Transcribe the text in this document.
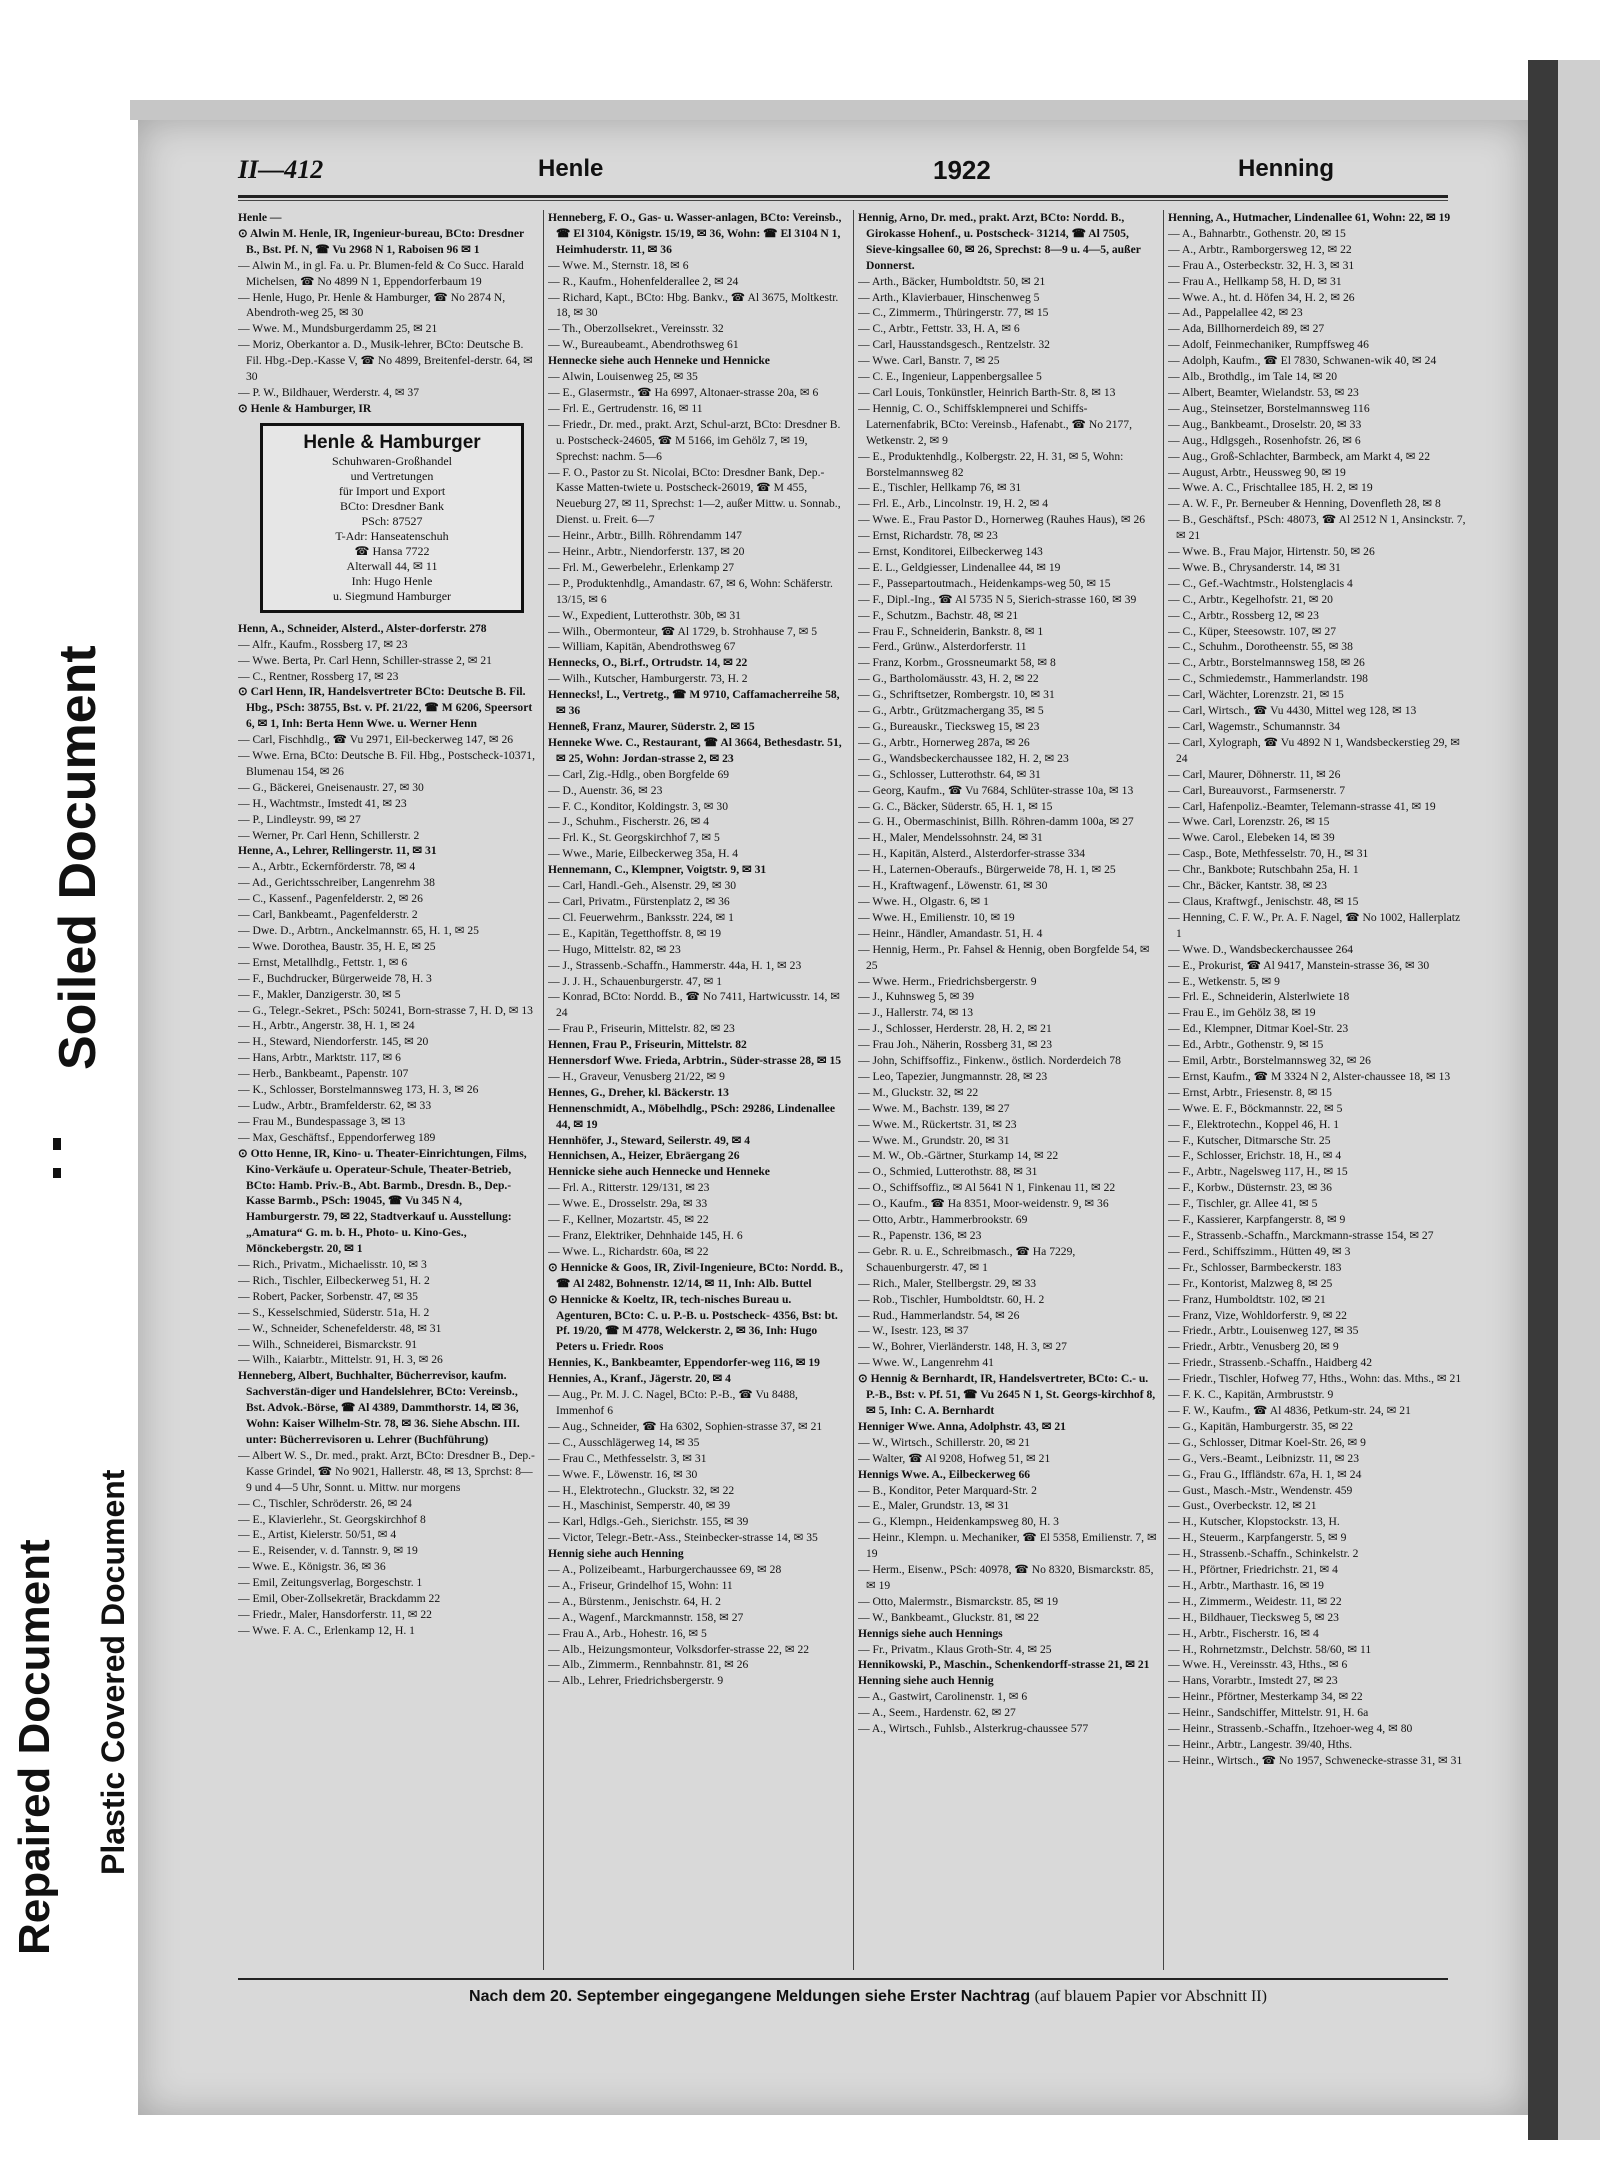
Soiled Document
Repaired Document Plastic Covered Document
II—412	Henle	1922	Henning

Henle —

⊙ Alwin M. Henle, IR, Ingenieur-bureau, BCto: Dresdner B., Bst. Pf. N, ☎ Vu 2968 N 1, Raboisen 96 ✉ 1

— Alwin M., in gl. Fa. u. Pr. Blumen-feld & Co Succ. Harald Michelsen, ☎ No 4899 N 1, Eppendorferbaum 19

— Henle, Hugo, Pr. Henle & Hamburger, ☎ No 2874 N, Abendroth-weg 25, ✉ 30

— Wwe. M., Mundsburgerdamm 25, ✉ 21

— Moriz, Oberkantor a. D., Musik-lehrer, BCto: Deutsche B. Fil. Hbg.-Dep.-Kasse V, ☎ No 4899, Breitenfel-derstr. 64, ✉ 30

— P. W., Bildhauer, Werderstr. 4, ✉ 37

⊙ Henle & Hamburger, IR

Henle & Hamburger
Schuhwaren-Großhandel
und Vertretungen
für Import und Export
BCto: Dresdner Bank
PSch: 87527
T-Adr: Hanseatenschuh
☎ Hansa 7722
Alterwall 44, ✉ 11
Inh: Hugo Henle
u. Siegmund Hamburger

Henn, A., Schneider, Alsterd., Alster-dorferstr. 278

— Alfr., Kaufm., Rossberg 17, ✉ 23

— Wwe. Berta, Pr. Carl Henn, Schiller-strasse 2, ✉ 21

— C., Rentner, Rossberg 17, ✉ 23

⊙ Carl Henn, IR, Handelsvertreter BCto: Deutsche B. Fil. Hbg., PSch: 38755, Bst. v. Pf. 21/22, ☎ M 6206, Speersort 6, ✉ 1, Inh: Berta Henn Wwe. u. Werner Henn

— Carl, Fischhdlg., ☎ Vu 2971, Eil-beckerweg 147, ✉ 26

— Wwe. Erna, BCto: Deutsche B. Fil. Hbg., Postscheck-10371, Blumenau 154, ✉ 26

— G., Bäckerei, Gneisenaustr. 27, ✉ 30

— H., Wachtmstr., Imstedt 41, ✉ 23

— P., Lindleystr. 99, ✉ 27

— Werner, Pr. Carl Henn, Schillerstr. 2

Henne, A., Lehrer, Rellingerstr. 11, ✉ 31

— A., Arbtr., Eckernförderstr. 78, ✉ 4

— Ad., Gerichtsschreiber, Langenrehm 38

— C., Kassenf., Pagenfelderstr. 2, ✉ 26

— Carl, Bankbeamt., Pagenfelderstr. 2

— Dwe. D., Arbtrn., Anckelmannstr. 65, H. 1, ✉ 25

— Wwe. Dorothea, Baustr. 35, H. E, ✉ 25

— Ernst, Metallhdlg., Fettstr. 1, ✉ 6

— F., Buchdrucker, Bürgerweide 78, H. 3

— F., Makler, Danzigerstr. 30, ✉ 5

— G., Telegr.-Sekret., PSch: 50241, Born-strasse 7, H. D, ✉ 13

— H., Arbtr., Angerstr. 38, H. 1, ✉ 24

— H., Steward, Niendorferstr. 145, ✉ 20

— Hans, Arbtr., Marktstr. 117, ✉ 6

— Herb., Bankbeamt., Papenstr. 107

— K., Schlosser, Borstelmannsweg 173, H. 3, ✉ 26

— Ludw., Arbtr., Bramfelderstr. 62, ✉ 33

— Frau M., Bundespassage 3, ✉ 13

— Max, Geschäftsf., Eppendorferweg 189

⊙ Otto Henne, IR, Kino- u. Theater-Einrichtungen, Films, Kino-Verkäufe u. Operateur-Schule, Theater-Betrieb, BCto: Hamb. Priv.-B., Abt. Barmb., Dresdn. B., Dep.-Kasse Barmb., PSch: 19045, ☎ Vu 345 N 4, Hamburgerstr. 79, ✉ 22, Stadtverkauf u. Ausstellung: „Amatura“ G. m. b. H., Photo- u. Kino-Ges., Mönckebergstr. 20, ✉ 1

— Rich., Privatm., Michaelisstr. 10, ✉ 3

— Rich., Tischler, Eilbeckerweg 51, H. 2

— Robert, Packer, Sorbenstr. 47, ✉ 35

— S., Kesselschmied, Süderstr. 51a, H. 2

— W., Schneider, Schenefelderstr. 48, ✉ 31

— Wilh., Schneiderei, Bismarckstr. 91

— Wilh., Kaiarbtr., Mittelstr. 91, H. 3, ✉ 26

Henneberg, Albert, Buchhalter, Bücherrevisor, kaufm. Sachverstän-diger und Handelslehrer, BCto: Vereinsb., Bst. Advok.-Börse, ☎ Al 4389, Dammthorstr. 14, ✉ 36, Wohn: Kaiser Wilhelm-Str. 78, ✉ 36. Siehe Abschn. III. unter: Bücherrevisoren u. Lehrer (Buchführung)

— Albert W. S., Dr. med., prakt. Arzt, BCto: Dresdner B., Dep.-Kasse Grindel, ☎ No 9021, Hallerstr. 48, ✉ 13, Sprchst: 8—9 und 4—5 Uhr, Sonnt. u. Mittw. nur morgens

— C., Tischler, Schröderstr. 26, ✉ 24

— E., Klavierlehr., St. Georgskirchhof 8

— E., Artist, Kielerstr. 50/51, ✉ 4

— E., Reisender, v. d. Tannstr. 9, ✉ 19

— Wwe. E., Königstr. 36, ✉ 36

— Emil, Zeitungsverlag, Borgeschstr. 1

— Emil, Ober-Zollsekretär, Brackdamm 22

— Friedr., Maler, Hansdorferstr. 11, ✉ 22

— Wwe. F. A. C., Erlenkamp 12, H. 1

Henneberg, F. O., Gas- u. Wasser-anlagen, BCto: Vereinsb., ☎ El 3104, Königstr. 15/19, ✉ 36, Wohn: ☎ El 3104 N 1, Heimhuderstr. 11, ✉ 36

— Wwe. M., Sternstr. 18, ✉ 6

— R., Kaufm., Hohenfelderallee 2, ✉ 24

— Richard, Kapt., BCto: Hbg. Bankv., ☎ Al 3675, Moltkestr. 18, ✉ 30

— Th., Oberzollsekret., Vereinsstr. 32

— W., Bureaubeamt., Abendrothsweg 61

Hennecke siehe auch Henneke und Hennicke

— Alwin, Louisenweg 25, ✉ 35

— E., Glasermstr., ☎ Ha 6997, Altonaer-strasse 20a, ✉ 6

— Frl. E., Gertrudenstr. 16, ✉ 11

— Friedr., Dr. med., prakt. Arzt, Schul-arzt, BCto: Dresdner B. u. Postscheck-24605, ☎ M 5166, im Gehölz 7, ✉ 19, Sprechst: nachm. 5—6

— F. O., Pastor zu St. Nicolai, BCto: Dresdner Bank, Dep.-Kasse Matten-twiete u. Postscheck-26019, ☎ M 455, Neueburg 27, ✉ 11, Sprechst: 1—2, außer Mittw. u. Sonnab., Dienst. u. Freit. 6—7

— Heinr., Arbtr., Billh. Röhrendamm 147

— Heinr., Arbtr., Niendorferstr. 137, ✉ 20

— Frl. M., Gewerbelehr., Erlenkamp 27

— P., Produktenhdlg., Amandastr. 67, ✉ 6, Wohn: Schäferstr. 13/15, ✉ 6

— W., Expedient, Lutterothstr. 30b, ✉ 31

— Wilh., Obermonteur, ☎ Al 1729, b. Strohhause 7, ✉ 5

— William, Kapitän, Abendrothsweg 67

Hennecks, O., Bi.rf., Ortrudstr. 14, ✉ 22

— Wilh., Kutscher, Hamburgerstr. 73, H. 2

Hennecks!, L., Vertretg., ☎ M 9710, Caffamacherreihe 58, ✉ 36

Henneß, Franz, Maurer, Süderstr. 2, ✉ 15

Henneke Wwe. C., Restaurant, ☎ Al 3664, Bethesdastr. 51, ✉ 25, Wohn: Jordan-strasse 2, ✉ 23

— Carl, Zig.-Hdlg., oben Borgfelde 69

— D., Auenstr. 36, ✉ 23

— F. C., Konditor, Koldingstr. 3, ✉ 30

— J., Schuhm., Fischerstr. 26, ✉ 4

— Frl. K., St. Georgskirchhof 7, ✉ 5

— Wwe., Marie, Eilbeckerweg 35a, H. 4

Hennemann, C., Klempner, Voigtstr. 9, ✉ 31

— Carl, Handl.-Geh., Alsenstr. 29, ✉ 30

— Carl, Privatm., Fürstenplatz 2, ✉ 36

— Cl. Feuerwehrm., Banksstr. 224, ✉ 1

— E., Kapitän, Tegetthoffstr. 8, ✉ 19

— Hugo, Mittelstr. 82, ✉ 23

— J., Strassenb.-Schaffn., Hammerstr. 44a, H. 1, ✉ 23

— J. J. H., Schauenburgerstr. 47, ✉ 1

— Konrad, BCto: Nordd. B., ☎ No 7411, Hartwicusstr. 14, ✉ 24

— Frau P., Friseurin, Mittelstr. 82, ✉ 23

Hennen, Frau P., Friseurin, Mittelstr. 82

Hennersdorf Wwe. Frieda, Arbtrin., Süder-strasse 28, ✉ 15

— H., Graveur, Venusberg 21/22, ✉ 9

Hennes, G., Dreher, kl. Bäckerstr. 13

Hennenschmidt, A., Möbelhdlg., PSch: 29286, Lindenallee 44, ✉ 19

Hennhöfer, J., Steward, Seilerstr. 49, ✉ 4

Hennichsen, A., Heizer, Ebräergang 26

Hennicke siehe auch Hennecke und Henneke

— Frl. A., Ritterstr. 129/131, ✉ 23

— Wwe. E., Drosselstr. 29a, ✉ 33

— F., Kellner, Mozartstr. 45, ✉ 22

— Franz, Elektriker, Dehnhaide 145, H. 6

— Wwe. L., Richardstr. 60a, ✉ 22

⊙ Hennicke & Goos, IR, Zivil-Ingenieure, BCto: Nordd. B., ☎ Al 2482, Bohnenstr. 12/14, ✉ 11, Inh: Alb. Buttel

⊙ Hennicke & Koeltz, IR, tech-nisches Bureau u. Agenturen, BCto: C. u. P.-B. u. Postscheck- 4356, Bst: bt. Pf. 19/20, ☎ M 4778, Welckerstr. 2, ✉ 36, Inh: Hugo Peters u. Friedr. Roos

Hennies, K., Bankbeamter, Eppendorfer-weg 116, ✉ 19

Hennies, A., Kranf., Jägerstr. 20, ✉ 4

— Aug., Pr. M. J. C. Nagel, BCto: P.-B., ☎ Vu 8488, Immenhof 6

— Aug., Schneider, ☎ Ha 6302, Sophien-strasse 37, ✉ 21

— C., Ausschlägerweg 14, ✉ 35

— Frau C., Methfesselstr. 3, ✉ 31

— Wwe. F., Löwenstr. 16, ✉ 30

— H., Elektrotechn., Gluckstr. 32, ✉ 22

— H., Maschinist, Semperstr. 40, ✉ 39

— Karl, Hdlgs.-Geh., Sierichstr. 155, ✉ 39

— Victor, Telegr.-Betr.-Ass., Steinbecker-strasse 14, ✉ 35

Hennig siehe auch Henning

— A., Polizeibeamt., Harburgerchaussee 69, ✉ 28

— A., Friseur, Grindelhof 15, Wohn: 11

— A., Bürstenm., Jenischstr. 64, H. 2

— A., Wagenf., Marckmannstr. 158, ✉ 27

— Frau A., Arb., Hohestr. 16, ✉ 5

— Alb., Heizungsmonteur, Volksdorfer-strasse 22, ✉ 22

— Alb., Zimmerm., Rennbahnstr. 81, ✉ 26

— Alb., Lehrer, Friedrichsbergerstr. 9

Hennig, Arno, Dr. med., prakt. Arzt, BCto: Nordd. B., Girokasse Hohenf., u. Postscheck- 31214, ☎ Al 7505, Sieve-kingsallee 60, ✉ 26, Sprechst: 8—9 u. 4—5, außer Donnerst.

— Arth., Bäcker, Humboldtstr. 50, ✉ 21

— Arth., Klavierbauer, Hinschenweg 5

— C., Zimmerm., Thüringerstr. 77, ✉ 15

— C., Arbtr., Fettstr. 33, H. A, ✉ 6

— Carl, Hausstandsgesch., Rentzelstr. 32

— Wwe. Carl, Banstr. 7, ✉ 25

— C. E., Ingenieur, Lappenbergsallee 5

— Carl Louis, Tonkünstler, Heinrich Barth-Str. 8, ✉ 13

— Hennig, C. O., Schiffsklempnerei und Schiffs-Laternenfabrik, BCto: Vereinsb., Hafenabt., ☎ No 2177, Wetkenstr. 2, ✉ 9

— E., Produktenhdlg., Kolbergstr. 22, H. 31, ✉ 5, Wohn: Borstelmannsweg 82

— E., Tischler, Hellkamp 76, ✉ 31

— Frl. E., Arb., Lincolnstr. 19, H. 2, ✉ 4

— Wwe. E., Frau Pastor D., Hornerweg (Rauhes Haus), ✉ 26

— Ernst, Richardstr. 78, ✉ 23

— Ernst, Konditorei, Eilbeckerweg 143

— E. L., Geldgiesser, Lindenallee 44, ✉ 19

— F., Passepartoutmach., Heidenkamps-weg 50, ✉ 15

— F., Dipl.-Ing., ☎ Al 5735 N 5, Sierich-strasse 160, ✉ 39

— F., Schutzm., Bachstr. 48, ✉ 21

— Frau F., Schneiderin, Bankstr. 8, ✉ 1

— Ferd., Grünw., Alsterdorferstr. 11

— Franz, Korbm., Grossneumarkt 58, ✉ 8

— G., Bartholomäusstr. 43, H. 2, ✉ 22

— G., Schriftsetzer, Rombergstr. 10, ✉ 31

— G., Arbtr., Grützmachergang 35, ✉ 5

— G., Bureauskr., Tiecksweg 15, ✉ 23

— G., Arbtr., Hornerweg 287a, ✉ 26

— G., Wandsbeckerchaussee 182, H. 2, ✉ 23

— G., Schlosser, Lutterothstr. 64, ✉ 31

— Georg, Kaufm., ☎ Vu 7684, Schlüter-strasse 10a, ✉ 13

— G. C., Bäcker, Süderstr. 65, H. 1, ✉ 15

— G. H., Obermaschinist, Billh. Röhren-damm 100a, ✉ 27

— H., Maler, Mendelssohnstr. 24, ✉ 31

— H., Kapitän, Alsterd., Alsterdorfer-strasse 334

— H., Laternen-Oberaufs., Bürgerweide 78, H. 1, ✉ 25

— H., Kraftwagenf., Löwenstr. 61, ✉ 30

— Wwe. H., Olgastr. 6, ✉ 1

— Wwe. H., Emilienstr. 10, ✉ 19

— Heinr., Händler, Amandastr. 51, H. 4

— Hennig, Herm., Pr. Fahsel & Hennig, oben Borgfelde 54, ✉ 25

— Wwe. Herm., Friedrichsbergerstr. 9

— J., Kuhnsweg 5, ✉ 39

— J., Hallerstr. 74, ✉ 13

— J., Schlosser, Herderstr. 28, H. 2, ✉ 21

— Frau Joh., Näherin, Rossberg 31, ✉ 23

— John, Schiffsoffiz., Finkenw., östlich. Norderdeich 78

— Leo, Tapezier, Jungmannstr. 28, ✉ 23

— M., Gluckstr. 32, ✉ 22

— Wwe. M., Bachstr. 139, ✉ 27

— Wwe. M., Rückertstr. 31, ✉ 23

— Wwe. M., Grundstr. 20, ✉ 31

— M. W., Ob.-Gärtner, Sturkamp 14, ✉ 22

— O., Schmied, Lutterothstr. 88, ✉ 31

— O., Schiffsoffiz., ✉ Al 5641 N 1, Finkenau 11, ✉ 22

— O., Kaufm., ☎ Ha 8351, Moor-weidenstr. 9, ✉ 36

— Otto, Arbtr., Hammerbrookstr. 69

— R., Papenstr. 136, ✉ 23

— Gebr. R. u. E., Schreibmasch., ☎ Ha 7229, Schauenburgerstr. 47, ✉ 1

— Rich., Maler, Stellbergstr. 29, ✉ 33

— Rob., Tischler, Humboldtstr. 60, H. 2

— Rud., Hammerlandstr. 54, ✉ 26

— W., Isestr. 123, ✉ 37

— W., Bohrer, Vierländerstr. 148, H. 3, ✉ 27

— Wwe. W., Langenrehm 41

⊙ Hennig & Bernhardt, IR, Handelsvertreter, BCto: C.- u. P.-B., Bst: v. Pf. 51, ☎ Vu 2645 N 1, St. Georgs-kirchhof 8, ✉ 5, Inh: C. A. Bernhardt

Henniger Wwe. Anna, Adolphstr. 43, ✉ 21

— W., Wirtsch., Schillerstr. 20, ✉ 21

— Walter, ☎ Al 9208, Hofweg 51, ✉ 21

Hennigs Wwe. A., Eilbeckerweg 66

— B., Konditor, Peter Marquard-Str. 2

— E., Maler, Grundstr. 13, ✉ 31

— G., Klempn., Heidenkampsweg 80, H. 3

— Heinr., Klempn. u. Mechaniker, ☎ El 5358, Emilienstr. 7, ✉ 19

— Herm., Eisenw., PSch: 40978, ☎ No 8320, Bismarckstr. 85, ✉ 19

— Otto, Malermstr., Bismarckstr. 85, ✉ 19

— W., Bankbeamt., Gluckstr. 81, ✉ 22

Hennigs siehe auch Hennings

— Fr., Privatm., Klaus Groth-Str. 4, ✉ 25

Hennikowski, P., Maschin., Schenkendorff-strasse 21, ✉ 21

Henning siehe auch Hennig

— A., Gastwirt, Carolinenstr. 1, ✉ 6

— A., Seem., Hardenstr. 62, ✉ 27

— A., Wirtsch., Fuhlsb., Alsterkrug-chaussee 577

Henning, A., Hutmacher, Lindenallee 61, Wohn: 22, ✉ 19

— A., Bahnarbtr., Gothenstr. 20, ✉ 15

— A., Arbtr., Ramborgersweg 12, ✉ 22

— Frau A., Osterbeckstr. 32, H. 3, ✉ 31

— Frau A., Hellkamp 58, H. D, ✉ 31

— Wwe. A., ht. d. Höfen 34, H. 2, ✉ 26

— Ad., Pappelallee 42, ✉ 23

— Ada, Billhornerdeich 89, ✉ 27

— Adolf, Feinmechaniker, Rumpffsweg 46

— Adolph, Kaufm., ☎ El 7830, Schwanen-wik 40, ✉ 24

— Alb., Brothdlg., im Tale 14, ✉ 20

— Albert, Beamter, Wielandstr. 53, ✉ 23

— Aug., Steinsetzer, Borstelmannsweg 116

— Aug., Bankbeamt., Droselstr. 20, ✉ 33

— Aug., Hdlgsgeh., Rosenhofstr. 26, ✉ 6

— Aug., Groß-Schlachter, Barmbeck, am Markt 4, ✉ 22

— August, Arbtr., Heussweg 90, ✉ 19

— Wwe. A. C., Frischtallee 185, H. 2, ✉ 19

— A. W. F., Pr. Berneuber & Henning, Dovenfleth 28, ✉ 8

— B., Geschäftsf., PSch: 48073, ☎ Al 2512 N 1, Ansinckstr. 7, ✉ 21

— Wwe. B., Frau Major, Hirtenstr. 50, ✉ 26

— Wwe. B., Chrysanderstr. 14, ✉ 31

— C., Gef.-Wachtmstr., Holstenglacis 4

— C., Arbtr., Kegelhofstr. 21, ✉ 20

— C., Arbtr., Rossberg 12, ✉ 23

— C., Küper, Steesowstr. 107, ✉ 27

— C., Schuhm., Dorotheenstr. 55, ✉ 38

— C., Arbtr., Borstelmannsweg 158, ✉ 26

— C., Schmiedemstr., Hammerlandstr. 198

— Carl, Wächter, Lorenzstr. 21, ✉ 15

— Carl, Wirtsch., ☎ Vu 4430, Mittel weg 128, ✉ 13

— Carl, Wagemstr., Schumannstr. 34

— Carl, Xylograph, ☎ Vu 4892 N 1, Wandsbeckerstieg 29, ✉ 24

— Carl, Maurer, Döhnerstr. 11, ✉ 26

— Carl, Bureauvorst., Farmsenerstr. 7

— Carl, Hafenpoliz.-Beamter, Telemann-strasse 41, ✉ 19

— Wwe. Carl, Lorenzstr. 26, ✉ 15

— Wwe. Carol., Elebeken 14, ✉ 39

— Casp., Bote, Methfesselstr. 70, H., ✉ 31

— Chr., Bankbote; Rutschbahn 25a, H. 1

— Chr., Bäcker, Kantstr. 38, ✉ 23

— Claus, Kraftwgf., Jenischstr. 48, ✉ 15

— Henning, C. F. W., Pr. A. F. Nagel, ☎ No 1002, Hallerplatz 1

— Wwe. D., Wandsbeckerchaussee 264

— E., Prokurist, ☎ Al 9417, Manstein-strasse 36, ✉ 30

— E., Wetkenstr. 5, ✉ 9

— Frl. E., Schneiderin, Alsterlwiete 18

— Frau E., im Gehölz 38, ✉ 19

— Ed., Klempner, Ditmar Koel-Str. 23

— Ed., Arbtr., Gothenstr. 9, ✉ 15

— Emil, Arbtr., Borstelmannsweg 32, ✉ 26

— Ernst, Kaufm., ☎ M 3324 N 2, Alster-chaussee 18, ✉ 13

— Ernst, Arbtr., Friesenstr. 8, ✉ 15

— Wwe. E. F., Böckmannstr. 22, ✉ 5

— F., Elektrotechn., Koppel 46, H. 1

— F., Kutscher, Ditmarsche Str. 25

— F., Schlosser, Erichstr. 18, H., ✉ 4

— F., Arbtr., Nagelsweg 117, H., ✉ 15

— F., Korbw., Düsternstr. 23, ✉ 36

— F., Tischler, gr. Allee 41, ✉ 5

— F., Kassierer, Karpfangerstr. 8, ✉ 9

— F., Strassenb.-Schaffn., Marckmann-strasse 154, ✉ 27

— Ferd., Schiffszimm., Hütten 49, ✉ 3

— Fr., Schlosser, Barmbeckerstr. 183

— Fr., Kontorist, Malzweg 8, ✉ 25

— Franz, Humboldtstr. 102, ✉ 21

— Franz, Vize, Wohldorferstr. 9, ✉ 22

— Friedr., Arbtr., Louisenweg 127, ✉ 35

— Friedr., Arbtr., Venusberg 20, ✉ 9

— Friedr., Strassenb.-Schaffn., Haidberg 42

— Friedr., Tischler, Hofweg 77, Hths., Wohn: das. Mths., ✉ 21

— F. K. C., Kapitän, Armbruststr. 9

— F. W., Kaufm., ☎ Al 4836, Petkum-str. 24, ✉ 21

— G., Kapitän, Hamburgerstr. 35, ✉ 22

— G., Schlosser, Ditmar Koel-Str. 26, ✉ 9

— G., Vers.-Beamt., Leibnizstr. 11, ✉ 23

— G., Frau G., Iffländstr. 67a, H. 1, ✉ 24

— Gust., Masch.-Mstr., Wendenstr. 459

— Gust., Overbeckstr. 12, ✉ 21

— H., Kutscher, Klopstockstr. 13, H.

— H., Steuerm., Karpfangerstr. 5, ✉ 9

— H., Strassenb.-Schaffn., Schinkelstr. 2

— H., Pförtner, Friedrichstr. 21, ✉ 4

— H., Arbtr., Marthastr. 16, ✉ 19

— H., Zimmerm., Weidestr. 11, ✉ 22

— H., Bildhauer, Tiecksweg 5, ✉ 23

— H., Arbtr., Fischerstr. 16, ✉ 4

— H., Rohrnetzmstr., Delchstr. 58/60, ✉ 11

— Wwe. H., Vereinsstr. 43, Hths., ✉ 6

— Hans, Vorarbtr., Imstedt 27, ✉ 23

— Heinr., Pförtner, Mesterkamp 34, ✉ 22

— Heinr., Sandschiffer, Mittelstr. 91, H. 6a

— Heinr., Strassenb.-Schaffn., Itzehoer-weg 4, ✉ 80

— Heinr., Arbtr., Langestr. 39/40, Hths.

— Heinr., Wirtsch., ☎ No 1957, Schwenecke-strasse 31, ✉ 31

Nach dem 20. September eingegangene Meldungen siehe Erster Nachtrag (auf blauem Papier vor Abschnitt II)
